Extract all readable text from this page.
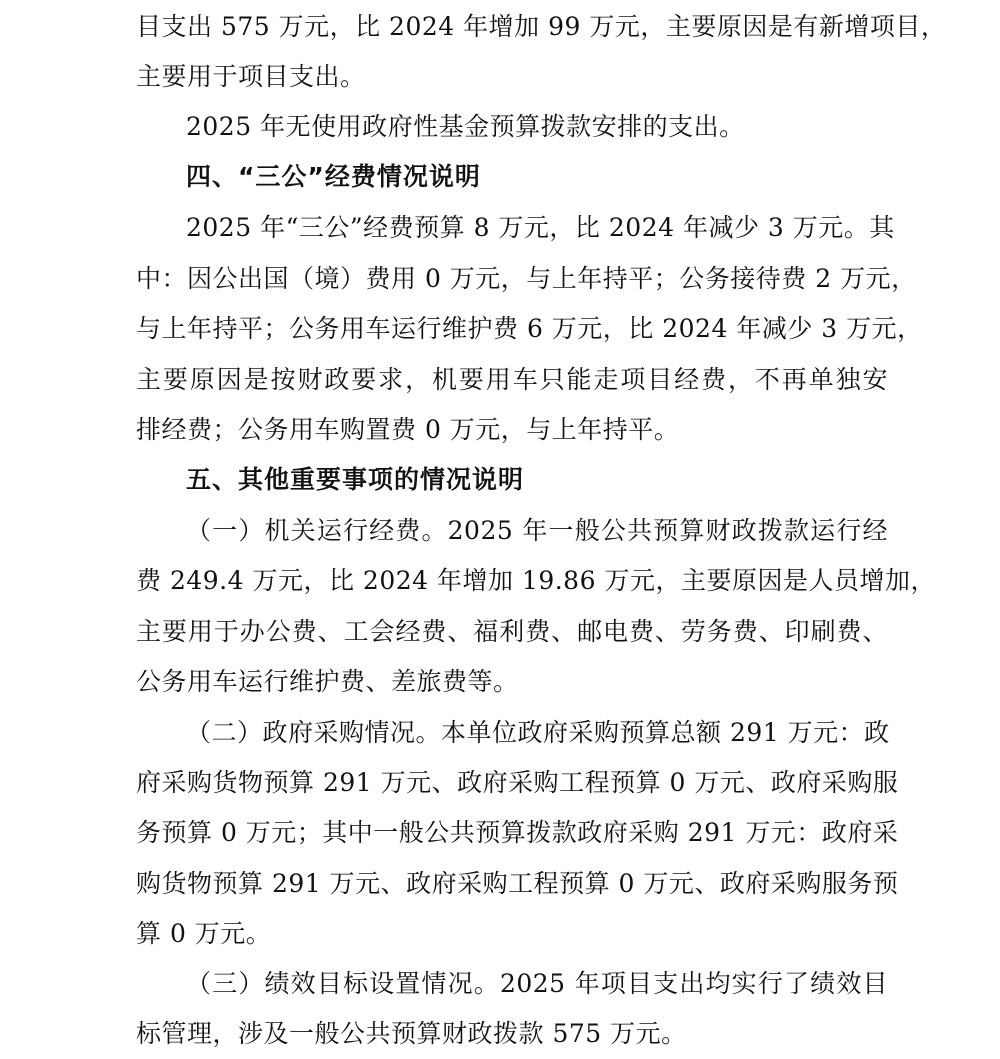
目支出 575 万元，比 2024 年增加 99 万元，主要原因是有新增项目，
主要用于项目支出。
2025 年无使用政府性基金预算拨款安排的支出。
四、“三公”经费情况说明
2025 年“三公”经费预算 8 万元，比 2024 年减少 3 万元。其
中：因公出国（境）费用 0 万元，与上年持平；公务接待费 2 万元，
与上年持平；公务用车运行维护费 6 万元，比 2024 年减少 3 万元，
主要原因是按财政要求，机要用车只能走项目经费，不再单独安
排经费；公务用车购置费 0 万元，与上年持平。
五、其他重要事项的情况说明
（一）机关运行经费。2025 年一般公共预算财政拨款运行经
费 249.4 万元，比 2024 年增加 19.86 万元，主要原因是人员增加，
主要用于办公费、工会经费、福利费、邮电费、劳务费、印刷费、
公务用车运行维护费、差旅费等。
（二）政府采购情况。本单位政府采购预算总额 291 万元：政
府采购货物预算 291 万元、政府采购工程预算 0 万元、政府采购服
务预算 0 万元；其中一般公共预算拨款政府采购 291 万元：政府采
购货物预算 291 万元、政府采购工程预算 0 万元、政府采购服务预
算 0 万元。
（三）绩效目标设置情况。2025 年项目支出均实行了绩效目
标管理，涉及一般公共预算财政拨款 575 万元。
